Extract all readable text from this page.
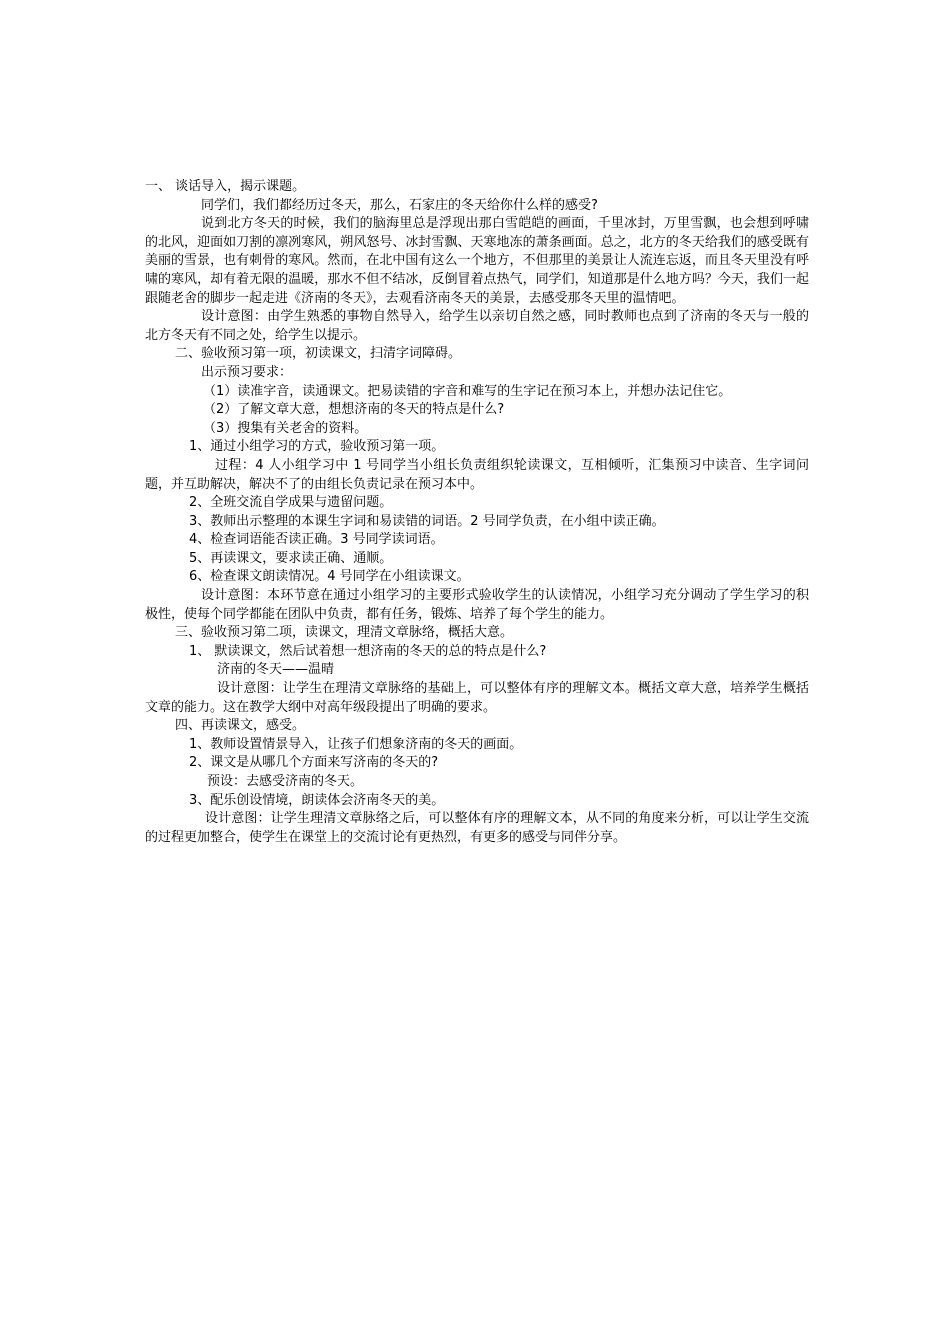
一、 谈话导入，揭示课题。
同学们，我们都经历过冬天，那么，石家庄的冬天给你什么样的感受?

说到北方冬天的时候，我们的脑海里总是浮现出那白雪皑皑的画面，千里冰封，万里雪飘，也会想到呼啸的北风，迎面如刀割的凛冽寒风，朔风怒号、冰封雪飘、天寒地冻的萧条画面。总之，北方的冬天给我们的感受既有美丽的雪景，也有刺骨的寒风。然而，在北中国有这么一个地方，不但那里的美景让人流连忘返，而且冬天里没有呼啸的寒风，却有着无限的温暖，那水不但不结冰，反倒冒着点热气，同学们，知道那是什么地方吗？今天，我们一起跟随老舍的脚步一起走进《济南的冬天》，去观看济南冬天的美景，去感受那冬天里的温情吧。

设计意图：由学生熟悉的事物自然导入，给学生以亲切自然之感，同时教师也点到了济南的冬天与一般的北方冬天有不同之处，给学生以提示。

二、验收预习第一项，初读课文，扫清字词障碍。
出示预习要求：
（1）读准字音，读通课文。把易读错的字音和难写的生字记在预习本上，并想办法记住它。
（2）了解文章大意，想想济南的冬天的特点是什么?
（3）搜集有关老舍的资料。
1、通过小组学习的方式，验收预习第一项。

过程：4 人小组学习中 1 号同学当小组长负责组织轮读课文，互相倾听，汇集预习中读音、生字词问题，并互助解决，解决不了的由组长负责记录在预习本中。

2、全班交流自学成果与遗留问题。
3、教师出示整理的本课生字词和易读错的词语。2 号同学负责，在小组中读正确。
4、检查词语能否读正确。3 号同学读词语。
5、再读课文，要求读正确、通顺。
6、检查课文朗读情况。4 号同学在小组读课文。

设计意图：本环节意在通过小组学习的主要形式验收学生的认读情况，小组学习充分调动了学生学习的积极性，使每个同学都能在团队中负责，都有任务，锻炼、培养了每个学生的能力。

三、验收预习第二项，读课文，理清文章脉络，概括大意。
1、 默读课文，然后试着想一想济南的冬天的总的特点是什么?
济南的冬天——温晴

设计意图：让学生在理清文章脉络的基础上，可以整体有序的理解文本。概括文章大意，培养学生概括文章的能力。这在教学大纲中对高年级段提出了明确的要求。

四、再读课文，感受。
1、教师设置情景导入，让孩子们想象济南的冬天的画面。
2、课文是从哪几个方面来写济南的冬天的?
预设：去感受济南的冬天。
3、配乐创设情境，朗读体会济南冬天的美。

设计意图：让学生理清文章脉络之后，可以整体有序的理解文本，从不同的角度来分析，可以让学生交流的过程更加整合，使学生在课堂上的交流讨论有更热烈，有更多的感受与同伴分享。
